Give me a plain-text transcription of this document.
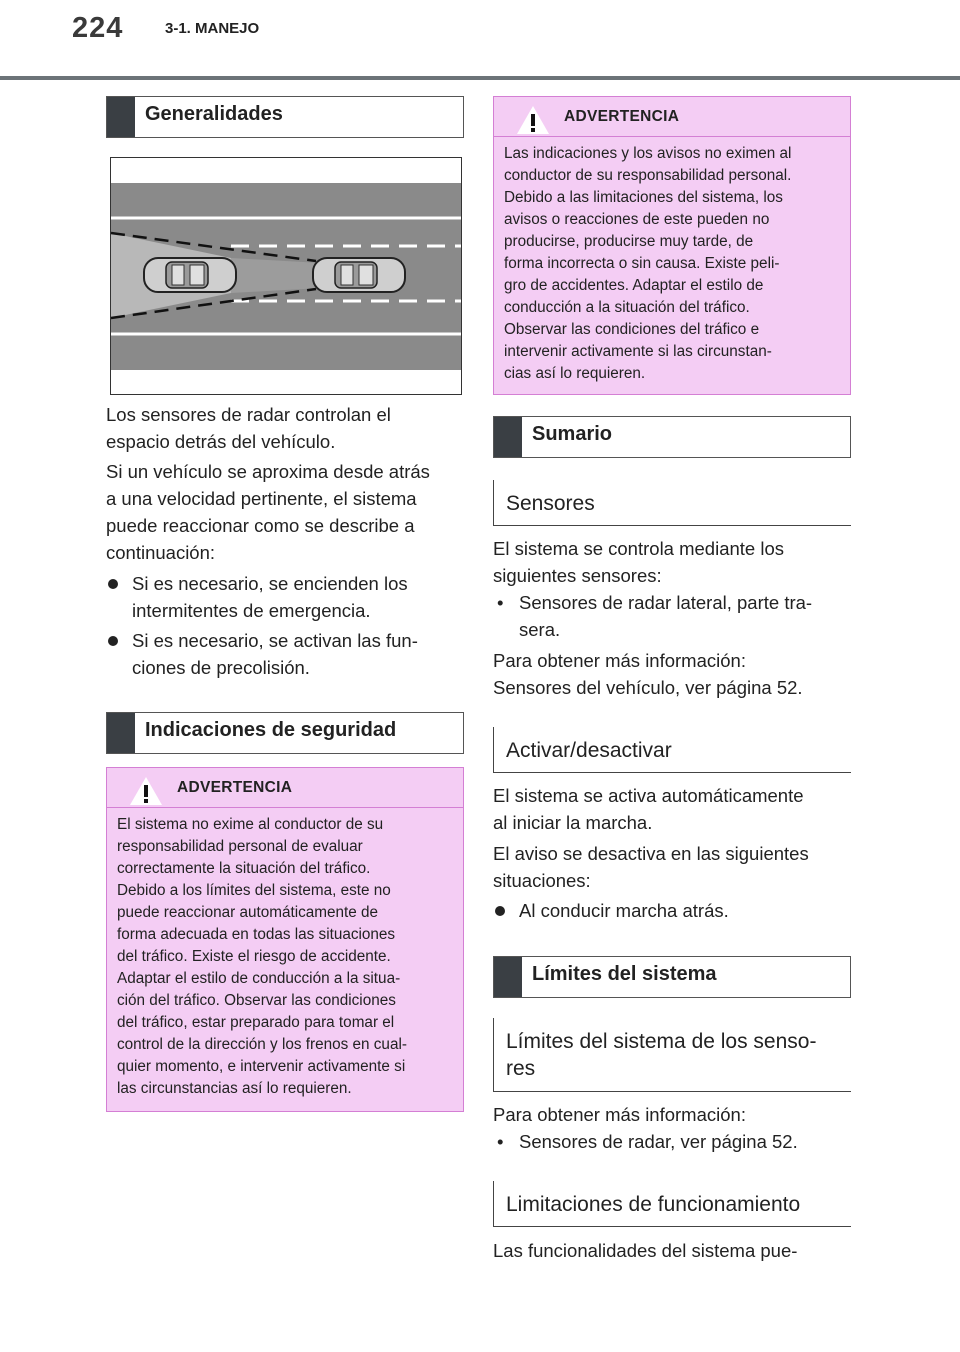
224	3-1. MANEJO
Generalidades
Los sensores de radar controlan el
espacio detrás del vehículo.
Si un vehículo se aproxima desde atrás
a una velocidad pertinente, el sistema
puede reaccionar como se describe a
continuación:
Si es necesario, se encienden los
intermitentes de emergencia.
Si es necesario, se activan las fun-
ciones de precolisión.
Indicaciones de seguridad
ADVERTENCIA
El sistema no exime al conductor de su
responsabilidad personal de evaluar
correctamente la situación del tráfico.
Debido a los límites del sistema, este no
puede reaccionar automáticamente de
forma adecuada en todas las situaciones
del tráfico. Existe el riesgo de accidente.
Adaptar el estilo de conducción a la situa-
ción del tráfico. Observar las condiciones
del tráfico, estar preparado para tomar el
control de la dirección y los frenos en cual-
quier momento, e intervenir activamente si
las circunstancias así lo requieren.
ADVERTENCIA
Las indicaciones y los avisos no eximen al
conductor de su responsabilidad personal.
Debido a las limitaciones del sistema, los
avisos o reacciones de este pueden no
producirse, producirse muy tarde, de
forma incorrecta o sin causa. Existe peli-
gro de accidentes. Adaptar el estilo de
conducción a la situación del tráfico.
Observar las condiciones del tráfico e
intervenir activamente si las circunstan-
cias así lo requieren.
Sumario
Sensores
El sistema se controla mediante los
siguientes sensores:
• Sensores de radar lateral, parte tra-
sera.
Para obtener más información:
Sensores del vehículo, ver página 52.
Activar/desactivar
El sistema se activa automáticamente
al iniciar la marcha.
El aviso se desactiva en las siguientes
situaciones:
Al conducir marcha atrás.
Límites del sistema
Límites del sistema de los senso-
res
Para obtener más información:
• Sensores de radar, ver página 52.
Limitaciones de funcionamiento
Las funcionalidades del sistema pue-
